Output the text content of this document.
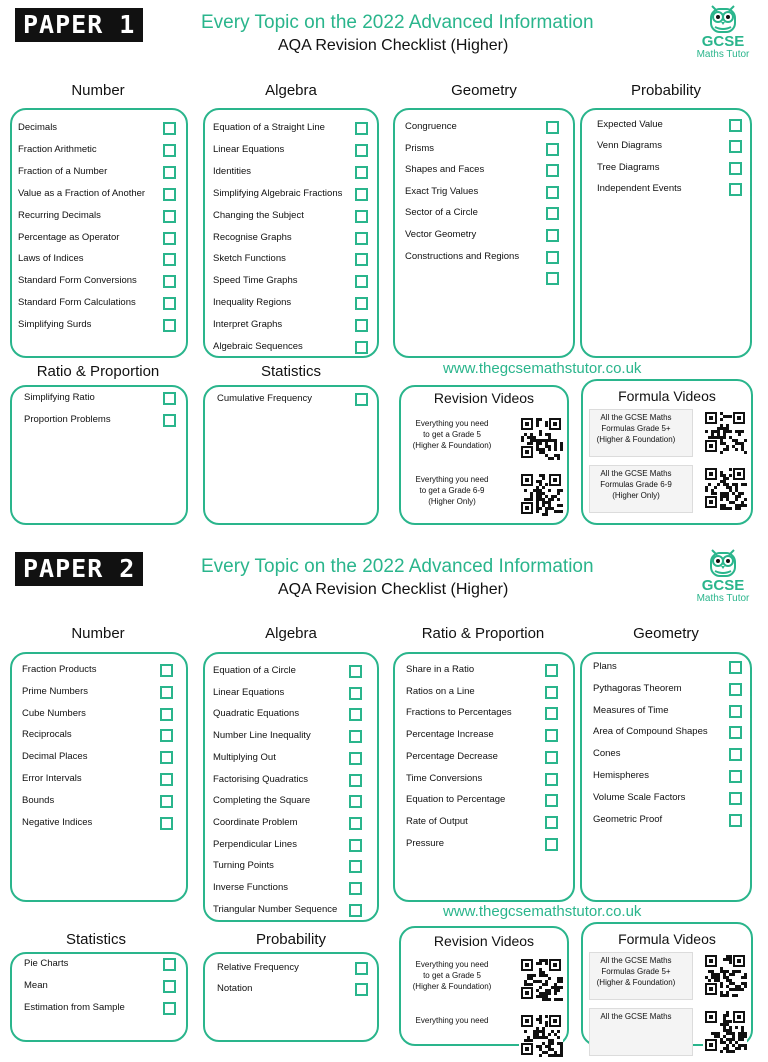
PAPER 1	Every Topic on the 2022 Advanced Information
AQA Revision Checklist (Higher)	GCSE
Maths Tutor
Number
Decimals
Fraction Arithmetic
Fraction of a Number
Value as a Fraction of Another
Recurring Decimals
Percentage as Operator
Laws of Indices
Standard Form Conversions
Standard Form Calculations
Simplifying Surds
Algebra
Equation of a Straight Line
Linear Equations
Identities
Simplifying Algebraic Fractions
Changing the Subject
Recognise Graphs
Sketch Functions
Speed Time Graphs
Inequality Regions
Interpret Graphs
Algebraic Sequences
Geometry
Congruence
Prisms
Shapes and Faces
Exact Trig Values
Sector of a Circle
Vector Geometry
Constructions and Regions
Probability
Expected Value
Venn Diagrams
Tree Diagrams
Independent Events
Ratio & Proportion
Simplifying Ratio
Proportion Problems
Statistics
Cumulative Frequency
www.thegcsemathstutor.co.uk
Revision Videos
Everything you need
to get a Grade 5
(Higher & Foundation)
Everything you need
to get a Grade 6-9
(Higher Only)
Formula Videos
All the GCSE Maths
Formulas Grade 5+
(Higher & Foundation)
All the GCSE Maths
Formulas Grade 6-9
(Higher Only)
PAPER 2	Every Topic on the 2022 Advanced Information
AQA Revision Checklist (Higher)	GCSE
Maths Tutor
Number
Fraction Products
Prime Numbers
Cube Numbers
Reciprocals
Decimal Places
Error Intervals
Bounds
Negative Indices
Algebra
Equation of a Circle
Linear Equations
Quadratic Equations
Number Line Inequality
Multiplying Out
Factorising Quadratics
Completing the Square
Coordinate Problem
Perpendicular Lines
Turning Points
Inverse Functions
Triangular Number Sequence
Ratio & Proportion
Share in a Ratio
Ratios on a Line
Fractions to Percentages
Percentage Increase
Percentage Decrease
Time Conversions
Equation to Percentage
Rate of Output
Pressure
Geometry
Plans
Pythagoras Theorem
Measures of Time
Area of Compound Shapes
Cones
Hemispheres
Volume Scale Factors
Geometric Proof
Statistics
Pie Charts
Mean
Estimation from Sample
Probability
Relative Frequency
Notation
www.thegcsemathstutor.co.uk
Revision Videos
Everything you need
to get a Grade 5
(Higher & Foundation)
Everything you need
Formula Videos
All the GCSE Maths
Formulas Grade 5+
(Higher & Foundation)
All the GCSE Maths
